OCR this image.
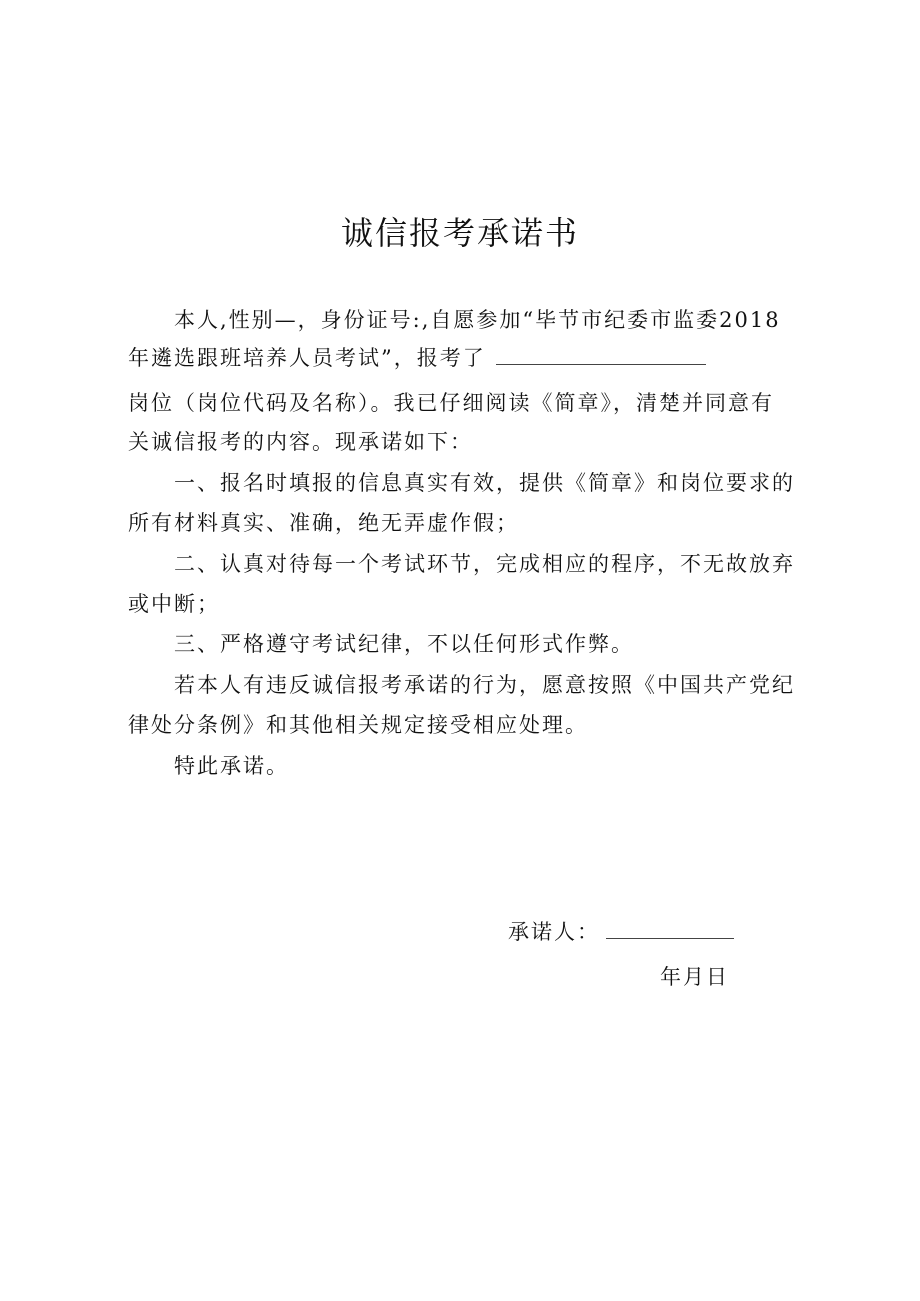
诚信报考承诺书
本人,性别—，身份证号:,自愿参加“毕节市纪委市监委2018
年遴选跟班培养人员考试”，报考了
岗位（岗位代码及名称）。我已仔细阅读《简章》，清楚并同意有
关诚信报考的内容。现承诺如下：
一、报名时填报的信息真实有效，提供《简章》和岗位要求的
所有材料真实、准确，绝无弄虚作假；
二、认真对待每一个考试环节，完成相应的程序，不无故放弃
或中断；
三、严格遵守考试纪律，不以任何形式作弊。
若本人有违反诚信报考承诺的行为，愿意按照《中国共产党纪
律处分条例》和其他相关规定接受相应处理。
特此承诺。
承诺人：
年月日
